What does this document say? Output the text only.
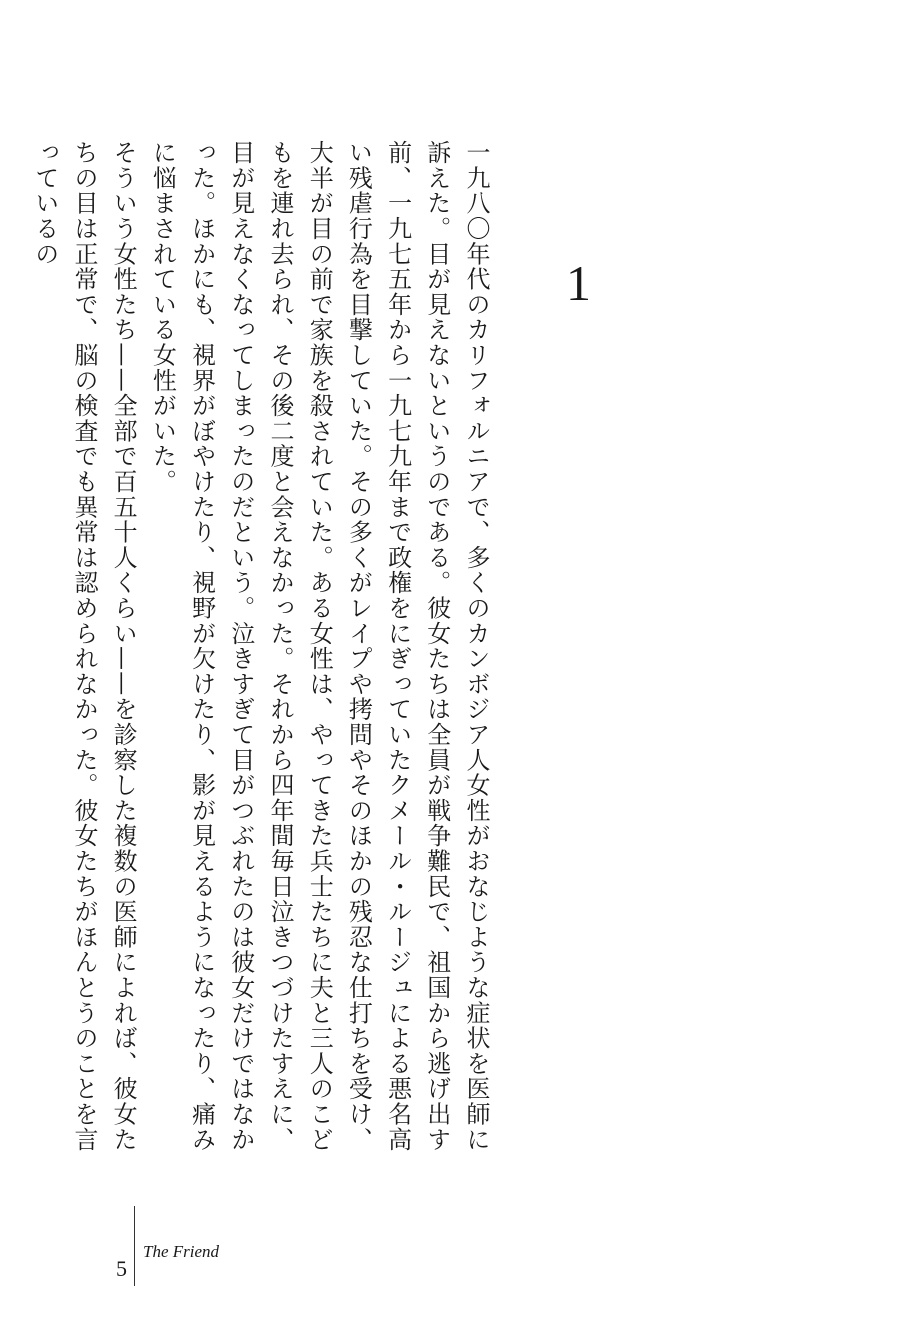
1

一九八〇年代のカリフォルニアで、多くのカンボジア人女性がおなじような症状を医師に訴えた。目が見えないというのである。彼女たちは全員が戦争難民で、祖国から逃げ出す前、一九七五年から一九七九年まで政権をにぎっていたクメール・ルージュによる悪名高い残虐行為を目撃していた。その多くがレイプや拷問やそのほかの残忍な仕打ちを受け、大半が目の前で家族を殺されていた。ある女性は、やってきた兵士たちに夫と三人のこどもを連れ去られ、その後二度と会えなかった。それから四年間毎日泣きつづけたすえに、目が見えなくなってしまったのだという。泣きすぎて目がつぶれたのは彼女だけではなかった。ほかにも、視界がぼやけたり、視野が欠けたり、影が見えるようになったり、痛みに悩まされている女性がいた。

そういう女性たち——全部で百五十人くらい——を診察した複数の医師によれば、彼女たちの目は正常で、脳の検査でも異常は認められなかった。彼女たちがほんとうのことを言っているの

5
The Friend
